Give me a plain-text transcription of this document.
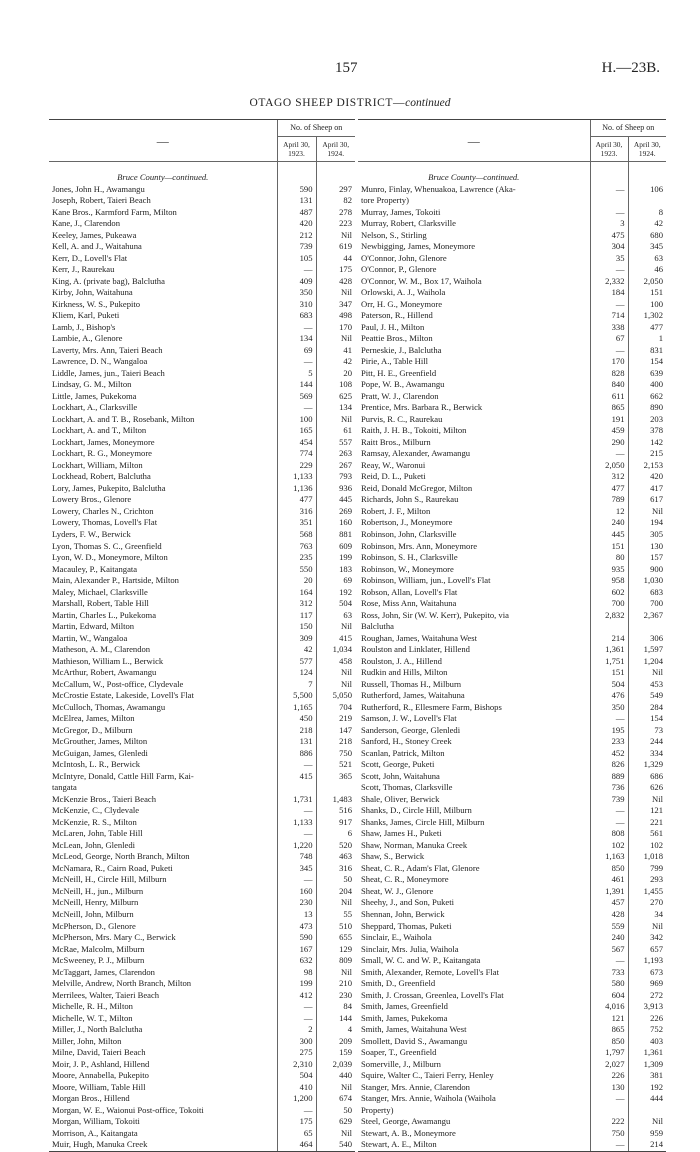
157	H.—23B.
OTAGO SHEEP DISTRICT—continued
—	No. of Sheep on	
	April 30, 1923.	April 30, 1924.

Bruce County—continued.		
Jones, John H., Awamangu	590	297
Joseph, Robert, Taieri Beach	131	82
Kane Bros., Karmford Farm, Milton	487	278
Kane, J., Clarendon	420	223
Keeley, James, Pukeawa	212	Nil
Kell, A. and J., Waitahuna	739	619
Kerr, D., Lovell's Flat	105	44
Kerr, J., Raurekau	—	175
King, A. (private bag), Balclutha	409	428
Kirby, John, Waitahuna	350	Nil
Kirkness, W. S., Pukepito	310	347
Kliem, Karl, Puketi	683	498
Lamb, J., Bishop's	—	170
Lambie, A., Glenore	134	Nil
Laverty, Mrs. Ann, Taieri Beach	69	41
Lawrence, D. N., Wangaloa	—	42
Liddle, James, jun., Taieri Beach	5	20
Lindsay, G. M., Milton	144	108
Little, James, Pukekoma	569	625
Lockhart, A., Clarksville	—	134
Lockhart, A. and T. B., Rosebank, Milton	100	Nil
Lockhart, A. and T., Milton	165	61
Lockhart, James, Moneymore	454	557
Lockhart, R. G., Moneymore	774	263
Lockhart, William, Milton	229	267
Lockhead, Robert, Balclutha	1,133	793
Lory, James, Pukepito, Balclutha	1,136	936
Lowery Bros., Glenore	477	445
Lowery, Charles N., Crichton	316	269
Lowery, Thomas, Lovell's Flat	351	160
Lyders, F. W., Berwick	568	881
Lyon, Thomas S. C., Greenfield	763	609
Lyon, W. D., Moneymore, Milton	235	199
Macauley, P., Kaitangata	550	183
Main, Alexander P., Hartside, Milton	20	69
Maley, Michael, Clarksville	164	192
Marshall, Robert, Table Hill	312	504
Martin, Charles L., Pukekoma	117	63
Martin, Edward, Milton	150	Nil
Martin, W., Wangaloa	309	415
Matheson, A. M., Clarendon	42	1,034
Mathieson, William L., Berwick	577	458
McArthur, Robert, Awamangu	124	Nil
McCallum, W., Post-office, Clydevale	7	Nil
McCrostie Estate, Lakeside, Lovell's Flat	5,500	5,050
McCulloch, Thomas, Awamangu	1,165	704
McElrea, James, Milton	450	219
McGregor, D., Milburn	218	147
McGrouther, James, Milton	131	218
McGuigan, James, Glenledi	886	750
McIntosh, L. R., Berwick	—	521
McIntyre, Donald, Cattle Hill Farm, Kai-	415	365
tangata		
McKenzie Bros., Taieri Beach	1,731	1,483
McKenzie, C., Clydevale	—	516
McKenzie, R. S., Milton	1,133	917
McLaren, John, Table Hill	—	6
McLean, John, Glenledi	1,220	520
McLeod, George, North Branch, Milton	748	463
McNamara, R., Cairn Road, Puketi	345	316
McNeill, H., Circle Hill, Milburn	—	50
McNeill, H., jun., Milburn	160	204
McNeill, Henry, Milburn	230	Nil
McNeill, John, Milburn	13	55
McPherson, D., Glenore	473	510
McPherson, Mrs. Mary C., Berwick	590	655
McRae, Malcolm, Milburn	167	129
McSweeney, P. J., Milburn	632	809
McTaggart, James, Clarendon	98	Nil
Melville, Andrew, North Branch, Milton	199	210
Merrilees, Walter, Taieri Beach	412	230
Michelle, R. H., Milton	—	84
Michelle, W. T., Milton	—	144
Miller, J., North Balclutha	2	4
Miller, John, Milton	300	209
Milne, David, Taieri Beach	275	159
Moir, J. P., Ashland, Hillend	2,310	2,039
Moore, Annabella, Pukepito	504	440
Moore, William, Table Hill	410	Nil
Morgan Bros., Hillend	1,200	674
Morgan, W. E., Waionui Post-office, Tokoiti	—	50
Morgan, William, Tokoiti	175	629
Morrison, A., Kaitangata	65	Nil
Muir, Hugh, Manuka Creek	464	540
—	No. of Sheep on	
	April 30, 1923.	April 30, 1924.

Bruce County—continued.		
Munro, Finlay, Whenuakoa, Lawrence (Aka-	—	106
tore Property)		
Murray, James, Tokoiti	—	8
Murray, Robert, Clarksville	3	42
Nelson, S., Stirling	475	680
Newbigging, James, Moneymore	304	345
O'Connor, John, Glenore	35	63
O'Connor, P., Glenore	—	46
O'Connor, W. M., Box 17, Waihola	2,332	2,050
Orlowski, A. J., Waihola	184	151
Orr, H. G., Moneymore	—	100
Paterson, R., Hillend	714	1,302
Paul, J. H., Milton	338	477
Peattie Bros., Milton	67	1
Perneskie, J., Balclutha	—	831
Pirie, A., Table Hill	170	154
Pitt, H. E., Greenfield	828	639
Pope, W. B., Awamangu	840	400
Pratt, W. J., Clarendon	611	662
Prentice, Mrs. Barbara R., Berwick	865	890
Purvis, R. C., Raurekau	191	203
Raith, J. H. B., Tokoiti, Milton	459	378
Raitt Bros., Milburn	290	142
Ramsay, Alexander, Awamangu	—	215
Reay, W., Waronui	2,050	2,153
Reid, D. L., Puketi	312	420
Reid, Donald McGregor, Milton	477	417
Richards, John S., Raurekau	789	617
Robert, J. F., Milton	12	Nil
Robertson, J., Moneymore	240	194
Robinson, John, Clarksville	445	305
Robinson, Mrs. Ann, Moneymore	151	130
Robinson, S. H., Clarksville	80	157
Robinson, W., Moneymore	935	900
Robinson, William, jun., Lovell's Flat	958	1,030
Robson, Allan, Lovell's Flat	602	683
Rose, Miss Ann, Waitahuna	700	700
Ross, John, Sir (W. W. Kerr), Pukepito, via	2,832	2,367
Balclutha		
Roughan, James, Waitahuna West	214	306
Roulston and Linklater, Hillend	1,361	1,597
Roulston, J. A., Hillend	1,751	1,204
Rudkin and Hills, Milton	151	Nil
Russell, Thomas H., Milburn	504	453
Rutherford, James, Waitahuna	476	549
Rutherford, R., Ellesmere Farm, Bishops	350	284
Samson, J. W., Lovell's Flat	—	154
Sanderson, George, Glenledi	195	73
Sanford, H., Stoney Creek	233	244
Scanlan, Patrick, Milton	452	334
Scott, George, Puketi	826	1,329
Scott, John, Waitahuna	889	686
Scott, Thomas, Clarksville	736	626
Shale, Oliver, Berwick	739	Nil
Shanks, D., Circle Hill, Milburn	—	121
Shanks, James, Circle Hill, Milburn	—	221
Shaw, James H., Puketi	808	561
Shaw, Norman, Manuka Creek	102	102
Shaw, S., Berwick	1,163	1,018
Sheat, C. R., Adam's Flat, Glenore	850	799
Sheat, C. R., Moneymore	461	293
Sheat, W. J., Glenore	1,391	1,455
Sheehy, J., and Son, Puketi	457	270
Shennan, John, Berwick	428	34
Sheppard, Thomas, Puketi	559	Nil
Sinclair, E., Waihola	240	342
Sinclair, Mrs. Julia, Waihola	567	657
Small, W. C. and W. P., Kaitangata	—	1,193
Smith, Alexander, Remote, Lovell's Flat	733	673
Smith, D., Greenfield	580	969
Smith, J. Crossan, Greenlea, Lovell's Flat	604	272
Smith, James, Greenfield	4,016	3,913
Smith, James, Pukekoma	121	226
Smith, James, Waitahuna West	865	752
Smollett, David S., Awamangu	850	403
Soaper, T., Greenfield	1,797	1,361
Somerville, J., Milburn	2,027	1,309
Squire, Walter C., Taieri Ferry, Henley	226	381
Stanger, Mrs. Annie, Clarendon	130	192
Stanger, Mrs. Annie, Waihola (Waihola	—	444
Property)		
Steel, George, Awamangu	222	Nil
Stewart, A. B., Moneymore	750	959
Stewart, A. E., Milton	—	214
